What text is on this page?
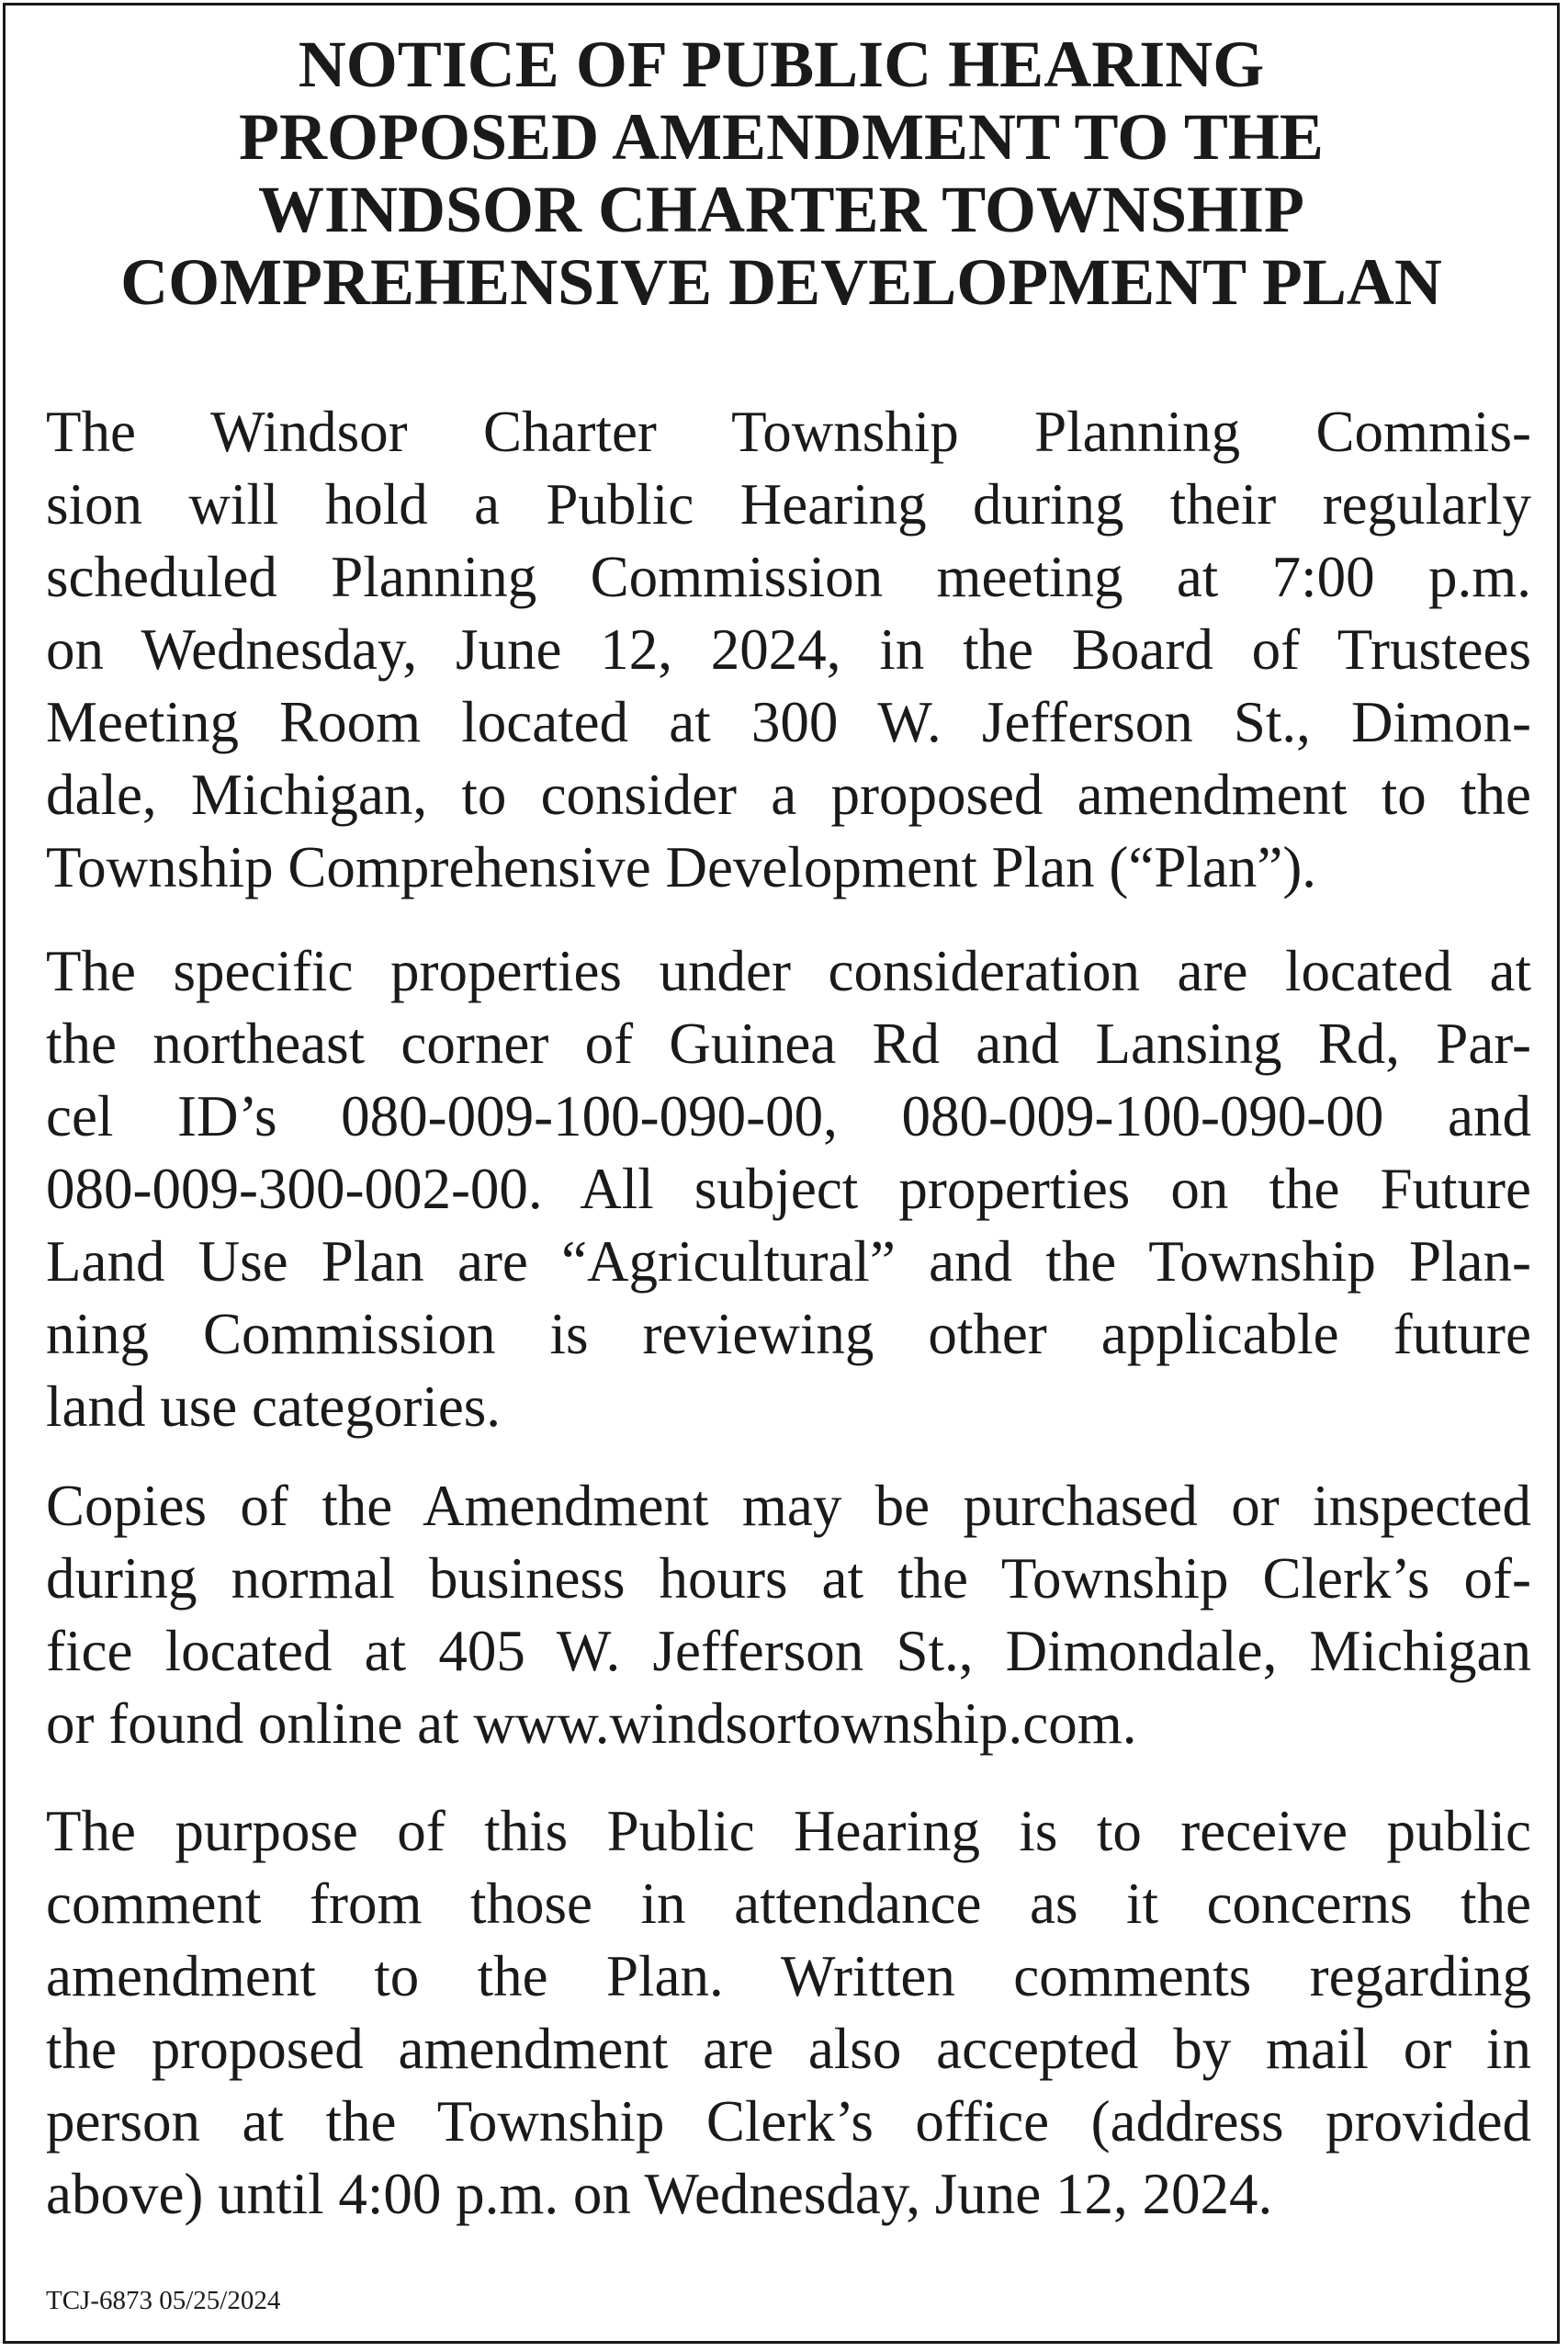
NOTICE OF PUBLIC HEARING
PROPOSED AMENDMENT TO THE
WINDSOR CHARTER TOWNSHIP
COMPREHENSIVE DEVELOPMENT PLAN
The Windsor Charter Township Planning Commis-
sion will hold a Public Hearing during their regularly
scheduled Planning Commission meeting at 7:00 p.m.
on Wednesday, June 12, 2024, in the Board of Trustees
Meeting Room located at 300 W. Jefferson St., Dimon-
dale, Michigan, to consider a proposed amendment to the
Township Comprehensive Development Plan (“Plan”).
The specific properties under consideration are located at
the northeast corner of Guinea Rd and Lansing Rd, Par-
cel ID’s 080-009-100-090-00, 080-009-100-090-00 and
080-009-300-002-00. All subject properties on the Future
Land Use Plan are “Agricultural” and the Township Plan-
ning Commission is reviewing other applicable future
land use categories.
Copies of the Amendment may be purchased or inspected
during normal business hours at the Township Clerk’s of-
fice located at 405 W. Jefferson St., Dimondale, Michigan
or found online at www.windsortownship.com.
The purpose of this Public Hearing is to receive public
comment from those in attendance as it concerns the
amendment to the Plan. Written comments regarding
the proposed amendment are also accepted by mail or in
person at the Township Clerk’s office (address provided
above) until 4:00 p.m. on Wednesday, June 12, 2024.
TCJ-6873 05/25/2024
